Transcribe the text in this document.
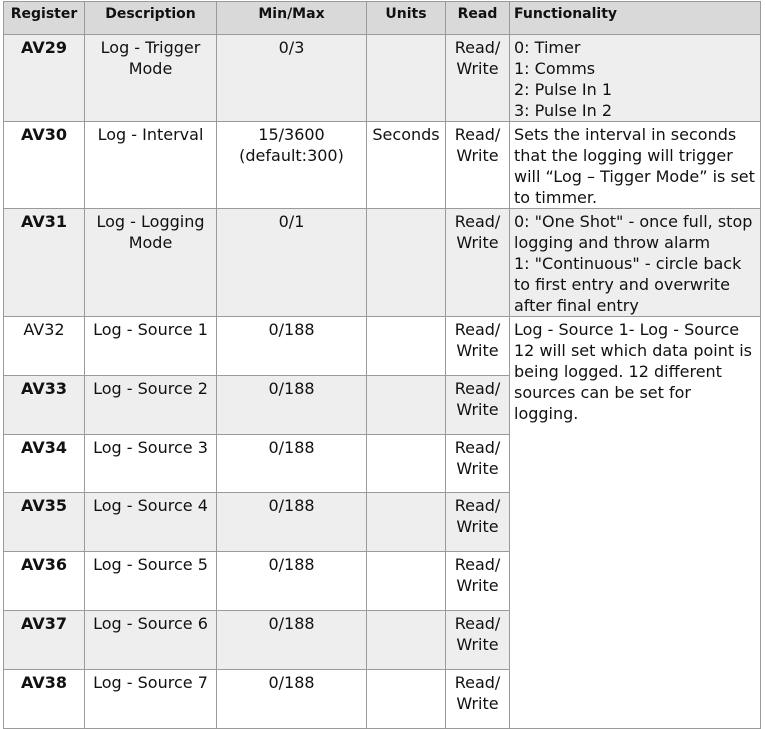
Register	Description	Min/Max	Units	Read	Functionality
AV29	Log - Trigger Mode	0/3		Read/ Write	0: Timer
1: Comms
2: Pulse In 1
3: Pulse In 2

AV30	Log - Interval	15/3600 (default:300)	Seconds	Read/ Write	Sets the interval in seconds that the logging will trigger will “Log – Tigger Mode” is set to timmer.

AV31	Log - Logging Mode	0/1		Read/ Write	0: "One Shot" - once full, stop logging and throw alarm
1: "Continuous" - circle back to first entry and overwrite after final entry

AV32	Log - Source 1	0/188		Read/ Write	Log - Source 1- Log - Source 12 will set which data point is being logged. 12 different sources can be set for logging.
AV33	Log - Source 2	0/188		Read/ Write	
AV34	Log - Source 3	0/188		Read/ Write	
AV35	Log - Source 4	0/188		Read/ Write	
AV36	Log - Source 5	0/188		Read/ Write	
AV37	Log - Source 6	0/188		Read/ Write	
AV38	Log - Source 7	0/188		Read/ Write	
